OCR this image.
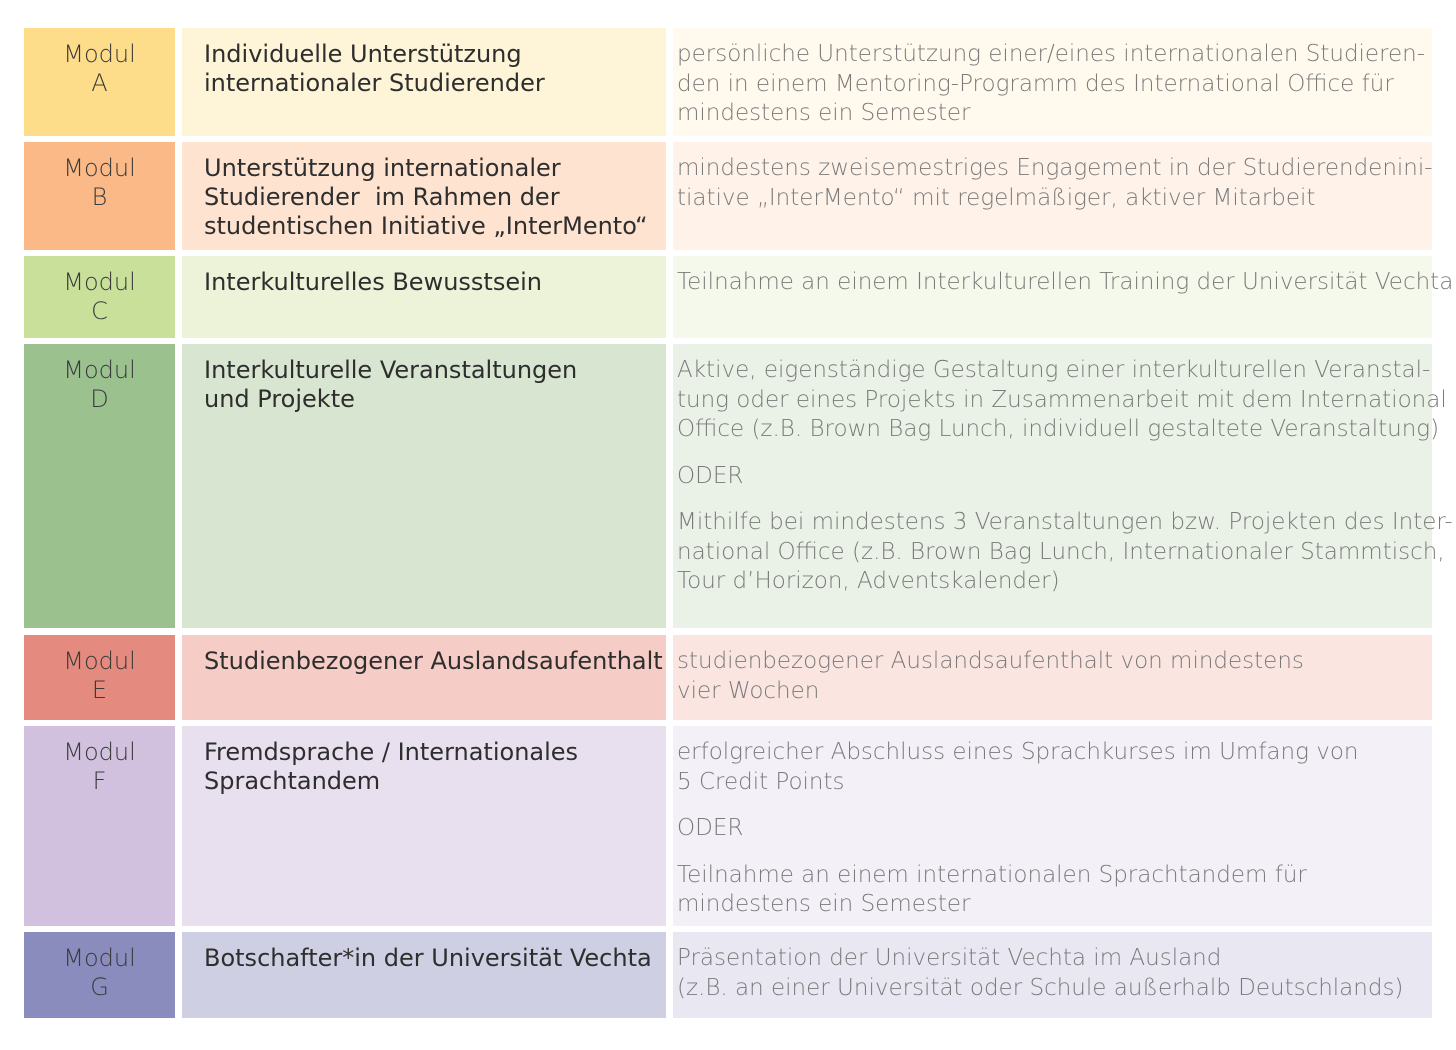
Modul
A
Individuelle Unterstützung
internationaler Studierender
persönliche Unterstützung einer/eines internationalen Studieren-
den in einem Mentoring-Programm des International Office für
mindestens ein Semester
Modul
B
Unterstützung internationaler
Studierender  im Rahmen der
studentischen Initiative „InterMento“
mindestens zweisemestriges Engagement in der Studierendenini-
tiative „InterMento“ mit regelmäßiger, aktiver Mitarbeit
Modul
C
Interkulturelles Bewusstsein	Teilnahme an einem Interkulturellen Training der Universität Vechta
Modul
D
Interkulturelle Veranstaltungen
und Projekte
Aktive, eigenständige Gestaltung einer interkulturellen Veranstal-
tung oder eines Projekts in Zusammenarbeit mit dem International
Office (z.B. Brown Bag Lunch, individuell gestaltete Veranstaltung)
ODER
Mithilfe bei mindestens 3 Veranstaltungen bzw. Projekten des Inter-
national Office (z.B. Brown Bag Lunch, Internationaler Stammtisch,
Tour d’Horizon, Adventskalender)
Modul
E
Studienbezogener Auslandsaufenthalt studienbezogener Auslandsaufenthalt von mindestens
vier Wochen
Modul
F
Fremdsprache / Internationales
Sprachtandem
erfolgreicher Abschluss eines Sprachkurses im Umfang von
5 Credit Points
ODER
Teilnahme an einem internationalen Sprachtandem für
mindestens ein Semester
Modul
G
Botschafter*in der Universität Vechta	Präsentation der Universität Vechta im Ausland
(z.B. an einer Universität oder Schule außerhalb Deutschlands)
